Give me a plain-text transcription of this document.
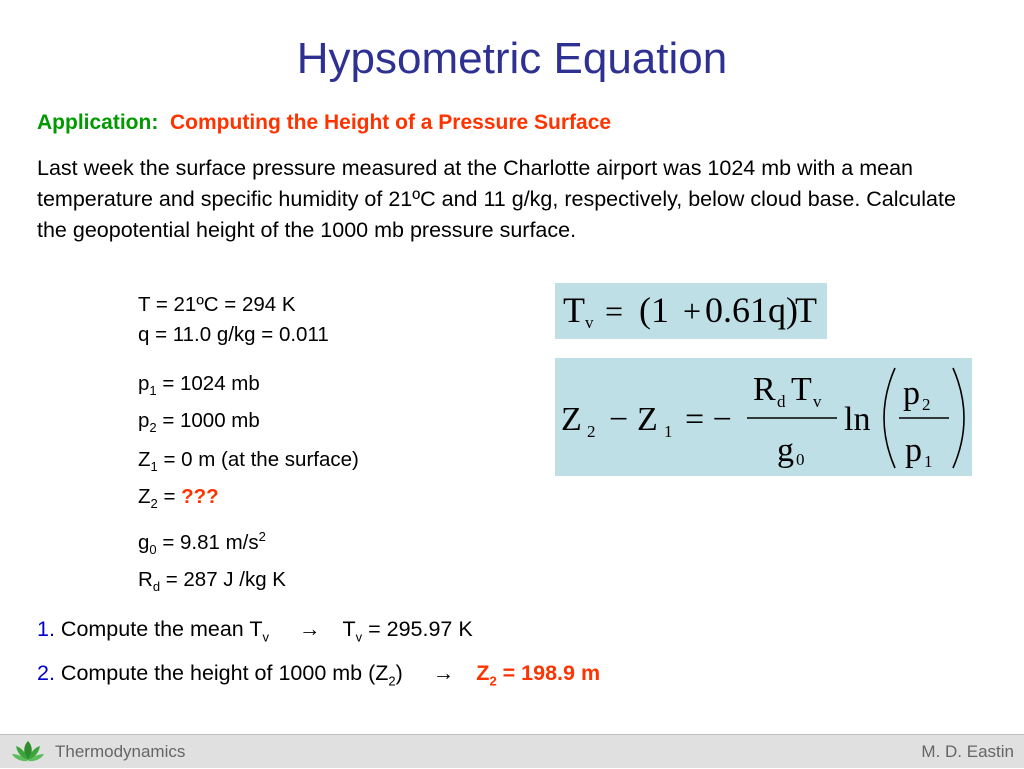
Hypsometric Equation
Application: Computing the Height of a Pressure Surface
Last week the surface pressure measured at the Charlotte airport was 1024 mb with a mean temperature and specific humidity of 21ºC and 11 g/kg, respectively, below cloud base. Calculate the geopotential height of the 1000 mb pressure surface.
T = 21ºC = 294 K
q = 11.0 g/kg = 0.011
$p_1 = 1024$ mb
$p_2 = 1000$ mb
$Z_1 = 0$ m (at the surface)
$Z_2$ = ???
$g_0 = 9.81$ $m/s^2$
$R_d = 287$ J /kg K
T v = (1 + 0.61q)
T
Z 2 − Z 1 = −
R d T v
g 0
ln
p 2
p 1
1. Compute the mean $T_v \to T_v = 295.97$ K
2. Compute the height of 1000 mb $(Z_2) \to Z_2 = 198.9$ m
Thermodynamics	M. D. Eastin
